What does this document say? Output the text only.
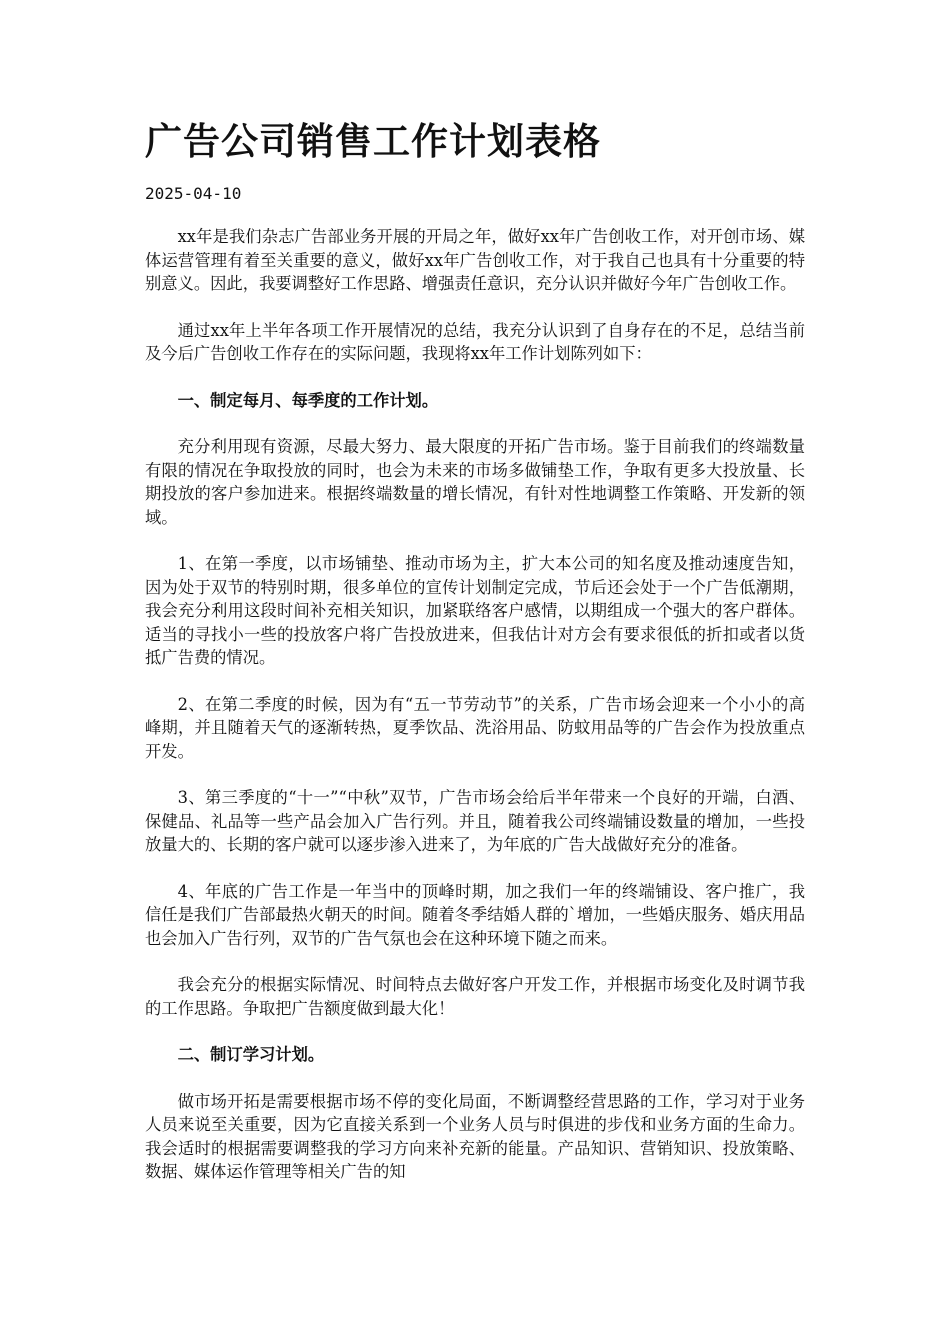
广告公司销售工作计划表格
2025-04-10

xx年是我们杂志广告部业务开展的开局之年，做好xx年广告创收工作，对开创市场、媒体运营管理有着至关重要的意义，做好xx年广告创收工作，对于我自己也具有十分重要的特别意义。因此，我要调整好工作思路、增强责任意识，充分认识并做好今年广告创收工作。

通过xx年上半年各项工作开展情况的总结，我充分认识到了自身存在的不足，总结当前及今后广告创收工作存在的实际问题，我现将xx年工作计划陈列如下：

一、制定每月、每季度的工作计划。

充分利用现有资源，尽最大努力、最大限度的开拓广告市场。鉴于目前我们的终端数量有限的情况在争取投放的同时，也会为未来的市场多做铺垫工作，争取有更多大投放量、长期投放的客户参加进来。根据终端数量的增长情况，有针对性地调整工作策略、开发新的领域。

1、在第一季度，以市场铺垫、推动市场为主，扩大本公司的知名度及推动速度告知，因为处于双节的特别时期，很多单位的宣传计划制定完成，节后还会处于一个广告低潮期，我会充分利用这段时间补充相关知识，加紧联络客户感情，以期组成一个强大的客户群体。适当的寻找小一些的投放客户将广告投放进来，但我估计对方会有要求很低的折扣或者以货抵广告费的情况。

2、在第二季度的时候，因为有“五一节劳动节”的关系，广告市场会迎来一个小小的高峰期，并且随着天气的逐渐转热，夏季饮品、洗浴用品、防蚊用品等的广告会作为投放重点开发。

3、第三季度的“十一”“中秋”双节，广告市场会给后半年带来一个良好的开端，白酒、保健品、礼品等一些产品会加入广告行列。并且，随着我公司终端铺设数量的增加，一些投放量大的、长期的客户就可以逐步渗入进来了，为年底的广告大战做好充分的准备。

4、年底的广告工作是一年当中的顶峰时期，加之我们一年的终端铺设、客户推广，我信任是我们广告部最热火朝天的时间。随着冬季结婚人群的`增加，一些婚庆服务、婚庆用品也会加入广告行列，双节的广告气氛也会在这种环境下随之而来。

我会充分的根据实际情况、时间特点去做好客户开发工作，并根据市场变化及时调节我的工作思路。争取把广告额度做到最大化！

二、制订学习计划。

做市场开拓是需要根据市场不停的变化局面，不断调整经营思路的工作，学习对于业务人员来说至关重要，因为它直接关系到一个业务人员与时俱进的步伐和业务方面的生命力。我会适时的根据需要调整我的学习方向来补充新的能量。产品知识、营销知识、投放策略、数据、媒体运作管理等相关广告的知
